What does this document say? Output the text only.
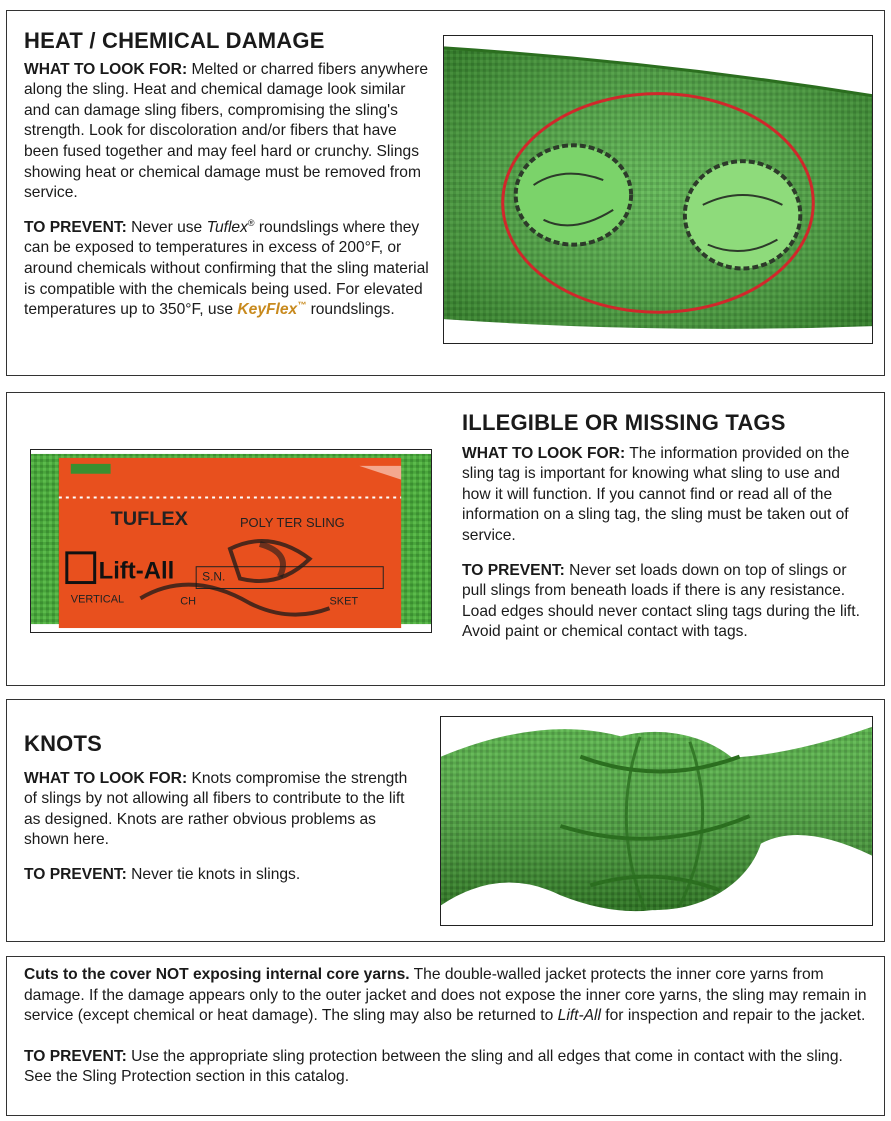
HEAT / CHEMICAL DAMAGE

WHAT TO LOOK FOR: Melted or charred fibers anywhere along the sling. Heat and chemical damage look similar and can damage sling fibers, compromising the sling's strength. Look for discoloration and/or fibers that have been fused together and may feel hard or crunchy. Slings showing heat or chemical damage must be removed from service.

TO PREVENT: Never use Tuflex® roundslings where they can be exposed to temperatures in excess of 200°F, or around chemicals without confirming that the sling material is compatible with the chemicals being used. For elevated temperatures up to 350°F, use KeyFlex™ roundslings.

TUFLEX	POLY TER SLING
Lift-All S.N.
VERTICAL	CH	SKET
ILLEGIBLE OR MISSING TAGS

WHAT TO LOOK FOR: The information provided on the sling tag is important for knowing what sling to use and how it will function. If you cannot find or read all of the information on a sling tag, the sling must be taken out of service.

TO PREVENT: Never set loads down on top of slings or pull slings from beneath loads if there is any resistance. Load edges should never contact sling tags during the lift. Avoid paint or chemical contact with tags.

KNOTS

WHAT TO LOOK FOR: Knots compromise the strength of slings by not allowing all fibers to contribute to the lift as designed. Knots are rather obvious problems as shown here.

TO PREVENT: Never tie knots in slings.

Cuts to the cover NOT exposing internal core yarns. The double-walled jacket protects the inner core yarns from damage. If the damage appears only to the outer jacket and does not expose the inner core yarns, the sling may remain in service (except chemical or heat damage). The sling may also be returned to Lift-All for inspection and repair to the jacket.

TO PREVENT: Use the appropriate sling protection between the sling and all edges that come in contact with the sling. See the Sling Protection section in this catalog.
